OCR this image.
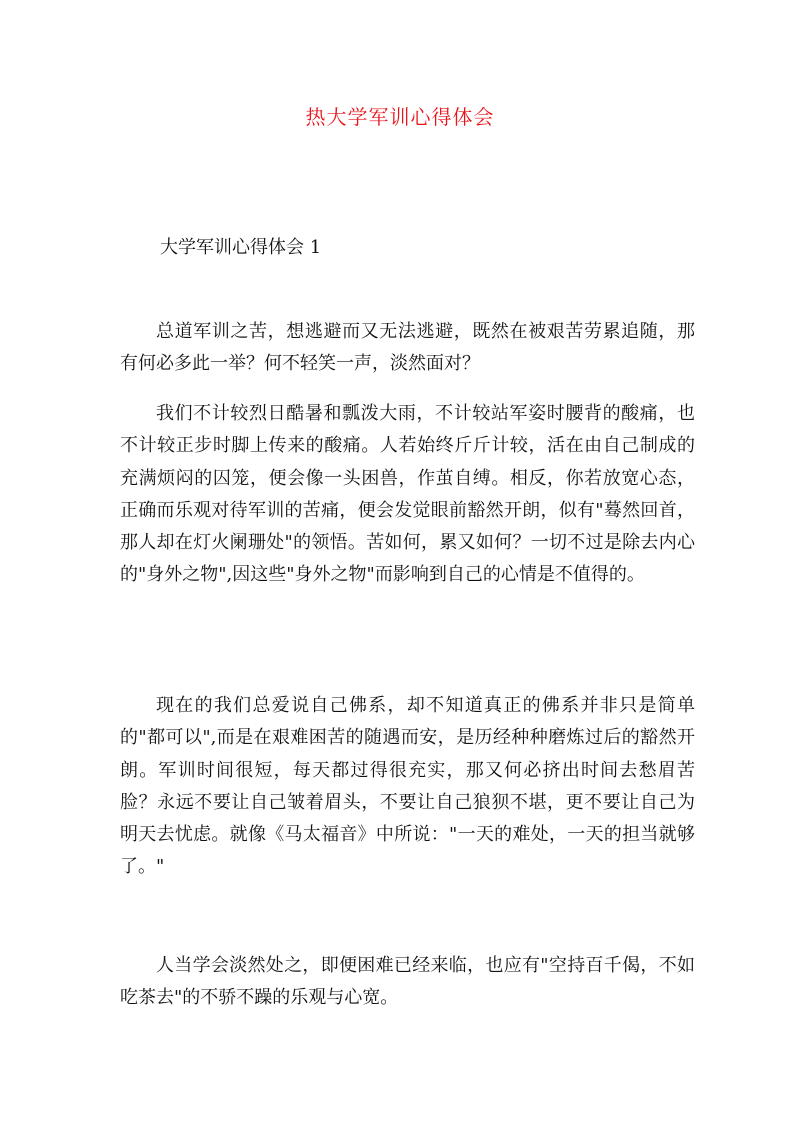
热大学军训心得体会
大学军训心得体会 1

总道军训之苦，想逃避而又无法逃避，既然在被艰苦劳累追随，那有何必多此一举？何不轻笑一声，淡然面对？

我们不计较烈日酷暑和瓢泼大雨，不计较站军姿时腰背的酸痛，也不计较正步时脚上传来的酸痛。人若始终斤斤计较，活在由自己制成的充满烦闷的囚笼，便会像一头困兽，作茧自缚。相反，你若放宽心态，正确而乐观对待军训的苦痛，便会发觉眼前豁然开朗，似有"蓦然回首，那人却在灯火阑珊处"的领悟。苦如何，累又如何？一切不过是除去内心的"身外之物",因这些"身外之物"而影响到自己的心情是不值得的。

现在的我们总爱说自己佛系，却不知道真正的佛系并非只是简单的"都可以",而是在艰难困苦的随遇而安，是历经种种磨炼过后的豁然开朗。军训时间很短，每天都过得很充实，那又何必挤出时间去愁眉苦脸？永远不要让自己皱着眉头，不要让自己狼狈不堪，更不要让自己为明天去忧虑。就像《马太福音》中所说："一天的难处，一天的担当就够了。"

人当学会淡然处之，即便困难已经来临，也应有"空持百千偈，不如吃茶去"的不骄不躁的乐观与心宽。
